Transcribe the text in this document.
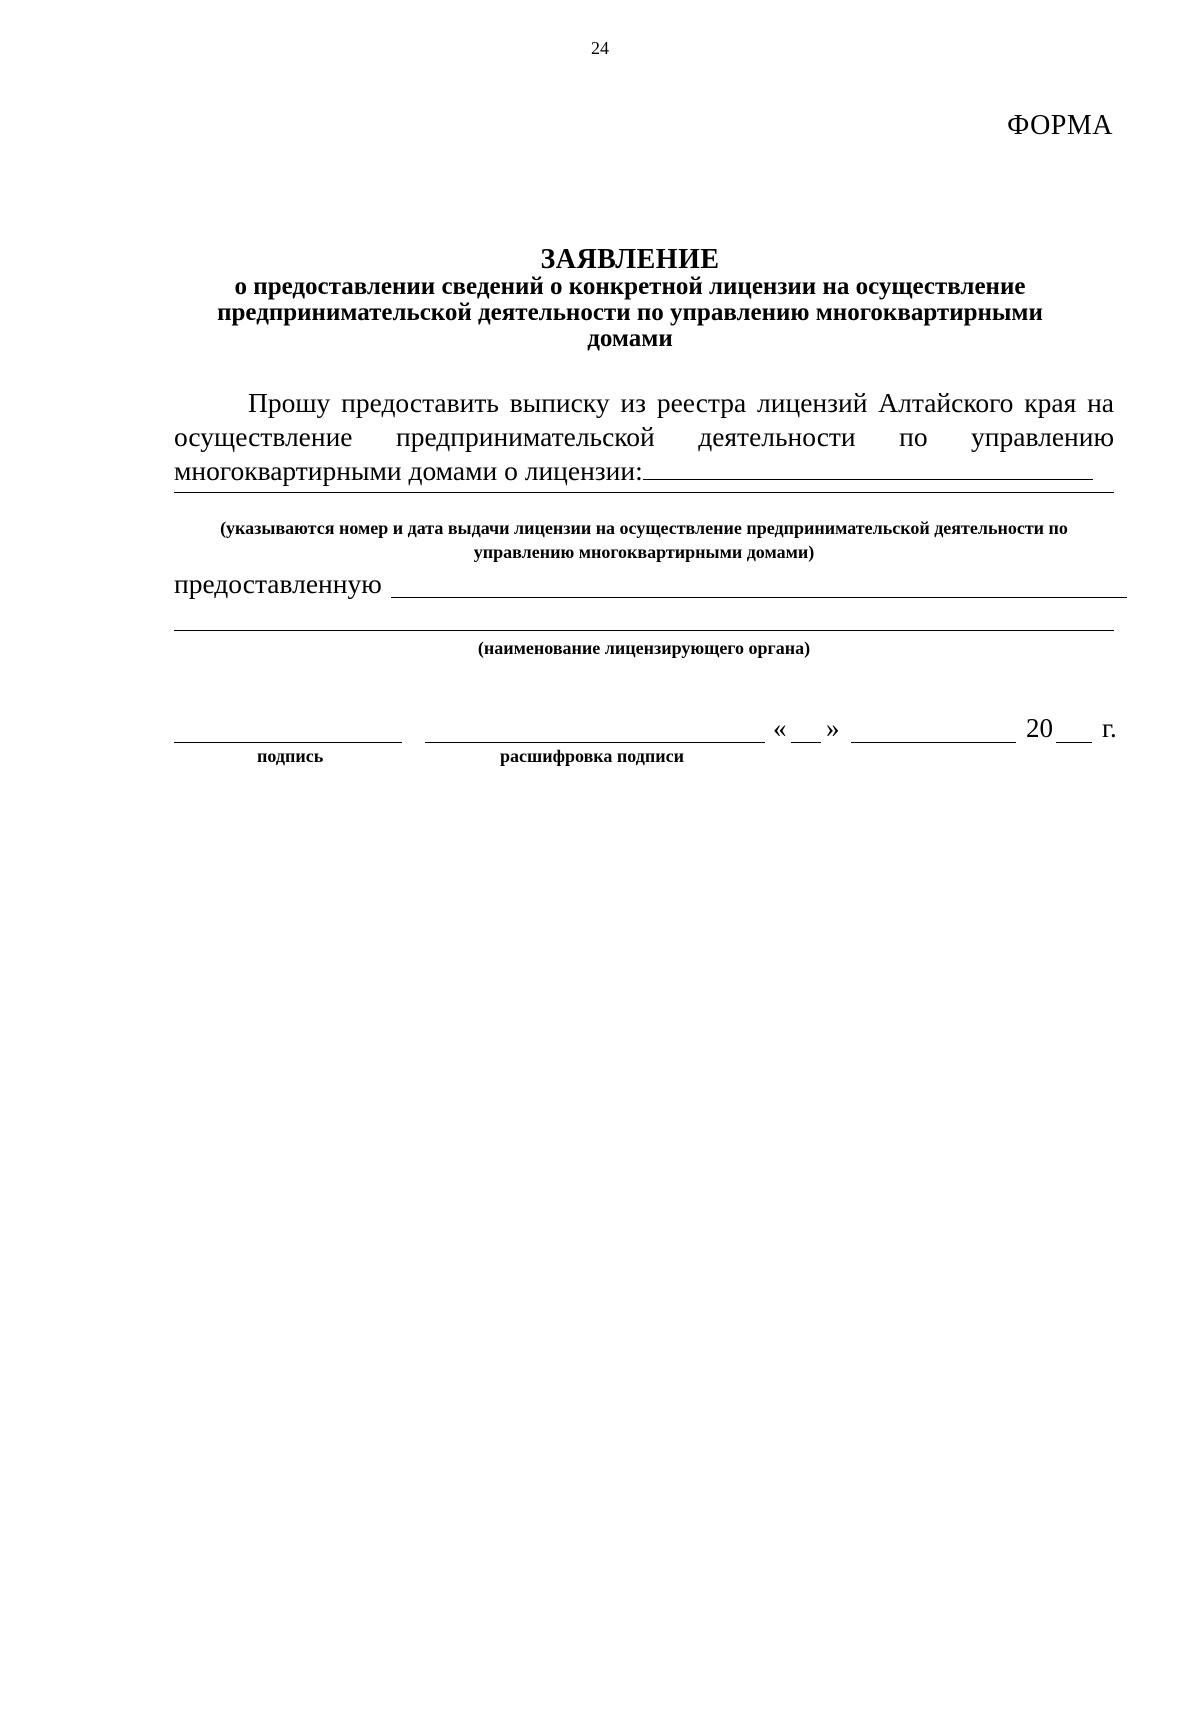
24
ФОРМА
ЗАЯВЛЕНИЕ
о предоставлении сведений о конкретной лицензии на осуществление
предпринимательской деятельности по управлению многоквартирными
домами
Прошу предоставить выписку из реестра лицензий Алтайского края на осуществление предпринимательской деятельности по управлению
многоквартирными домами о лицензии:
(указываются номер и дата выдачи лицензии на осуществление предпринимательской деятельности по
управлению многоквартирными домами)
предоставленную
(наименование лицензирующего органа)
« »	20 г.
подпись	расшифровка подписи
